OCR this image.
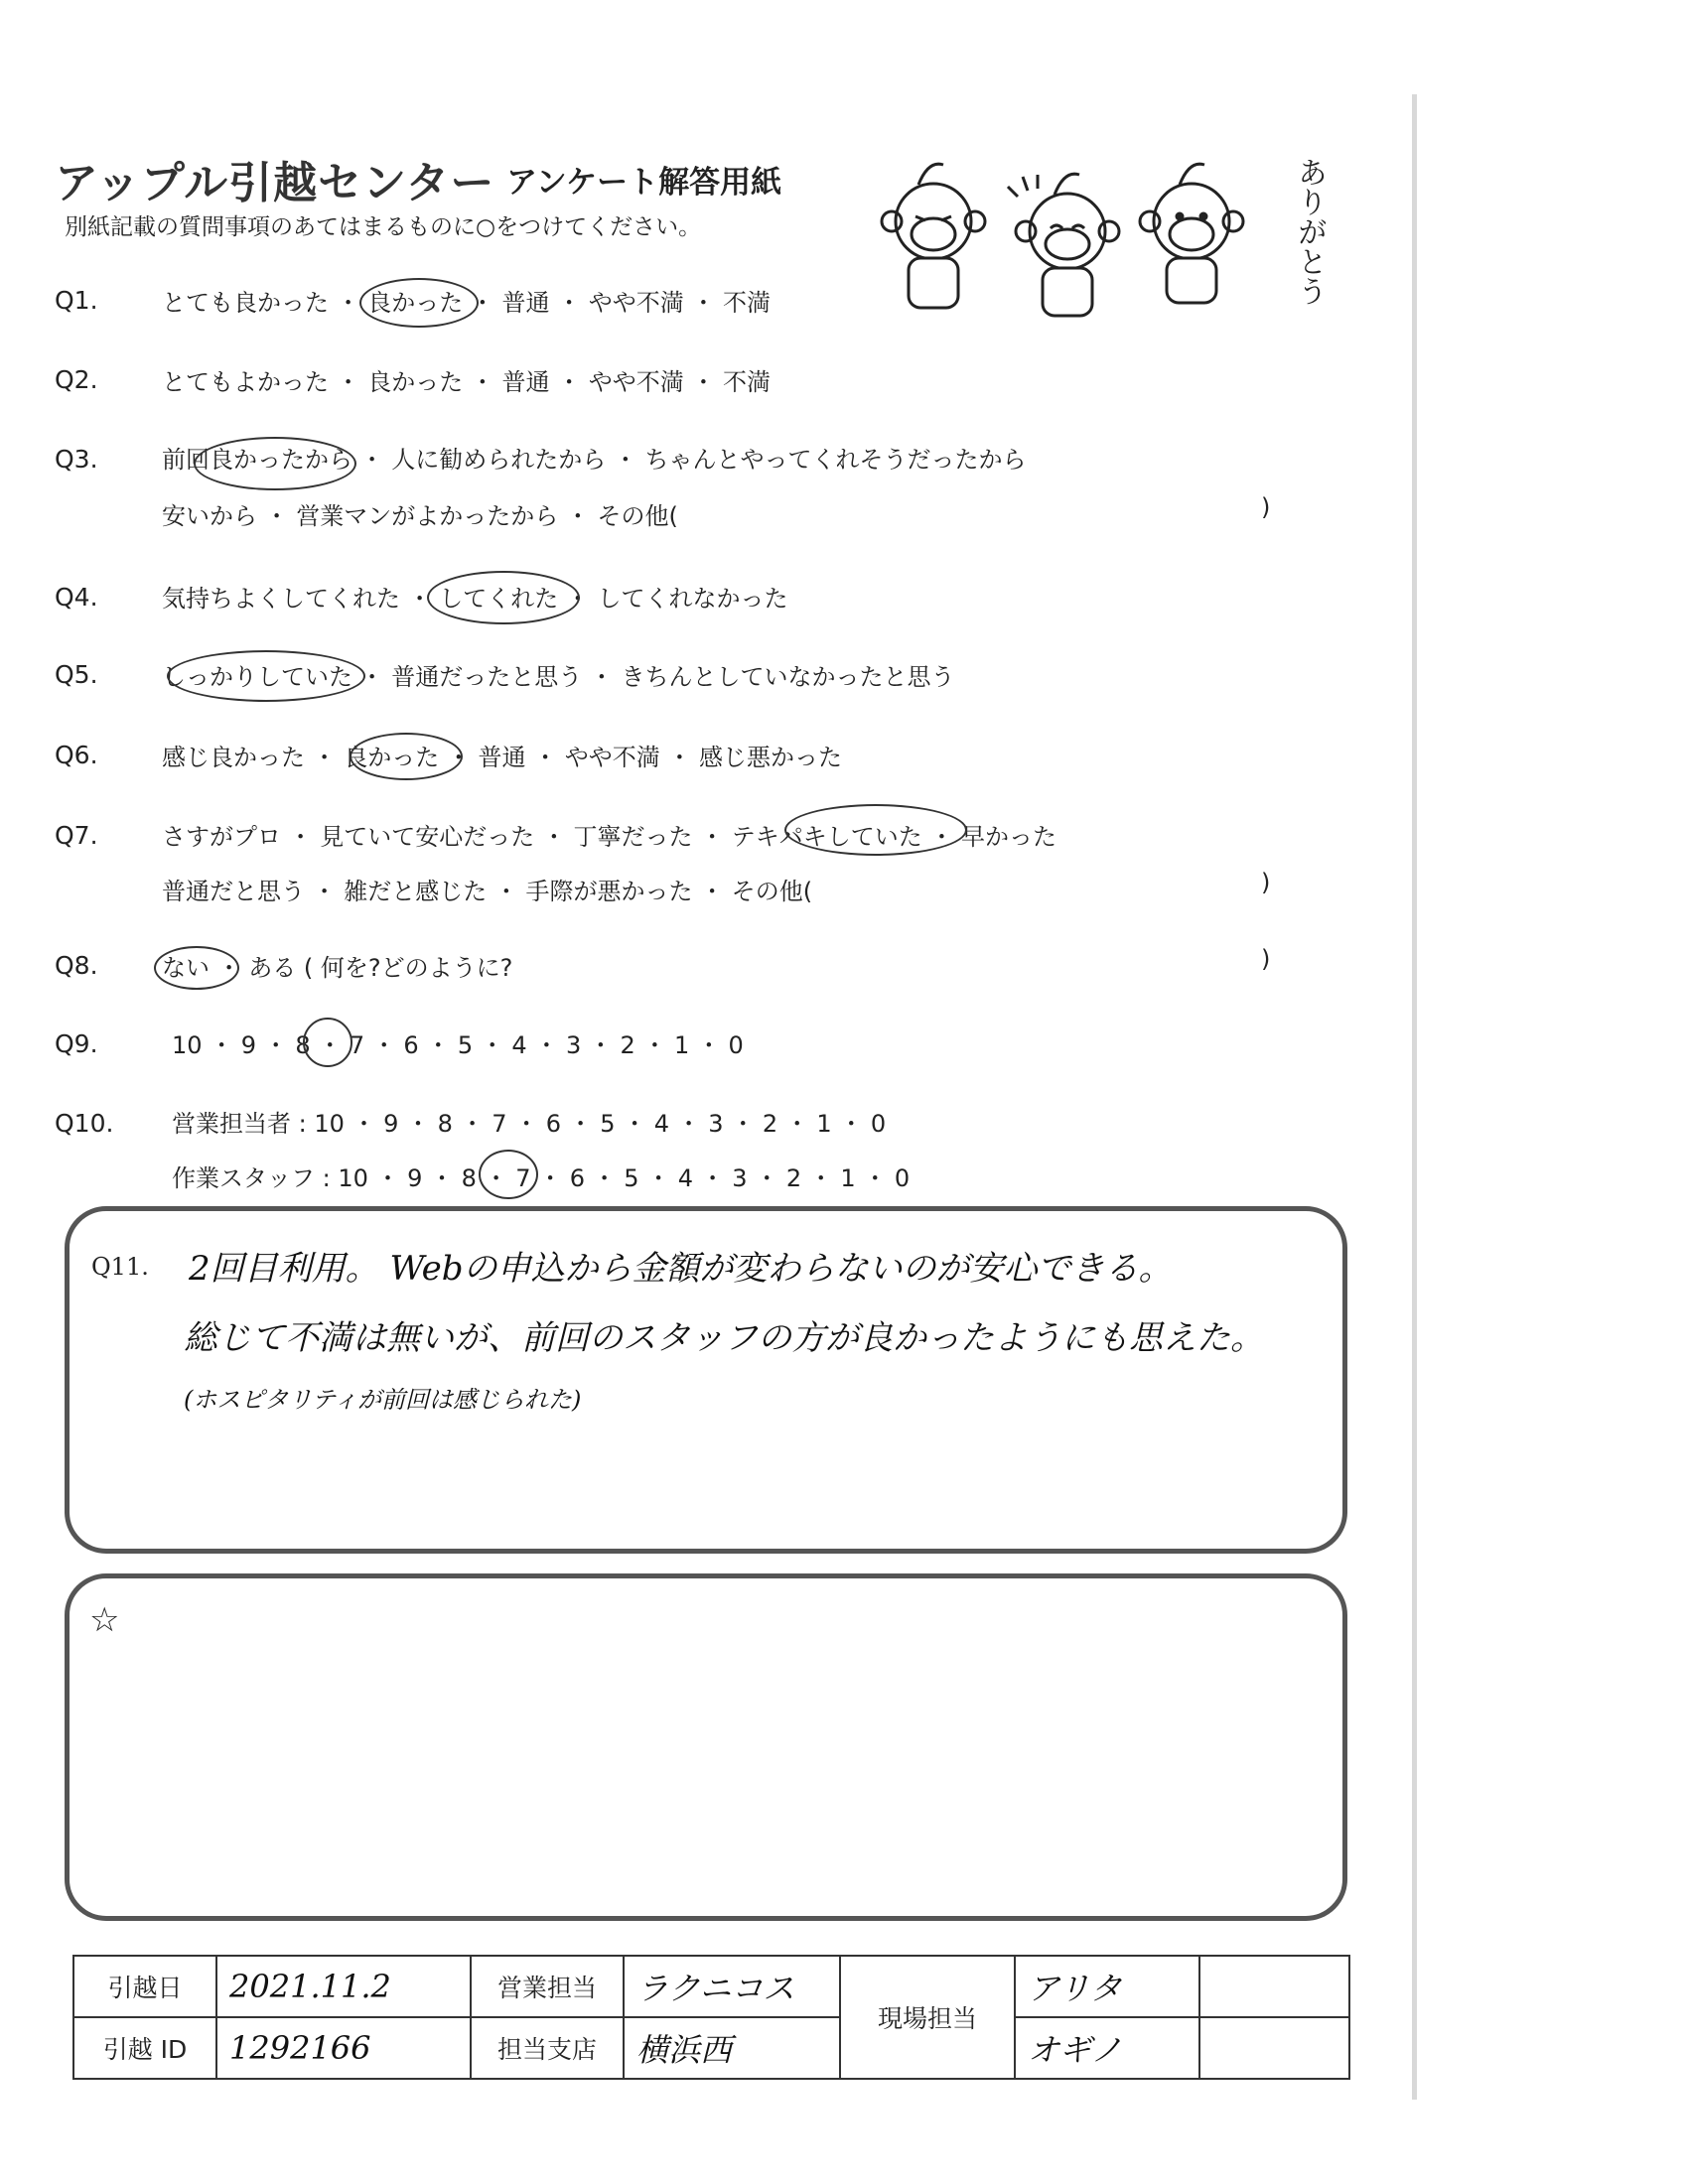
アップル引越センター アンケート解答用紙
別紙記載の質問事項のあてはまるものに○をつけてください。	ありがとう
Q1.	とても良かった ・ 良かった ・ 普通 ・ やや不満 ・ 不満
Q2.	とてもよかった ・ 良かった ・ 普通 ・ やや不満 ・ 不満
Q3.	前回良かったから ・ 人に勧められたから ・ ちゃんとやってくれそうだったから
安いから ・ 営業マンがよかったから ・ その他(	)
Q4.	気持ちよくしてくれた ・ してくれた ・ してくれなかった
Q5.	しっかりしていた ・ 普通だったと思う ・ きちんとしていなかったと思う
Q6.	感じ良かった ・ 良かった ・ 普通 ・ やや不満 ・ 感じ悪かった
Q7.	さすがプロ ・ 見ていて安心だった ・ 丁寧だった ・ テキパキしていた ・ 早かった
普通だと思う ・ 雑だと感じた ・ 手際が悪かった ・ その他(	)
Q8.	ない ・ ある ( 何を?どのように?	)
Q9.	10 ・ 9 ・ 8 ・ 7 ・ 6 ・ 5 ・ 4 ・ 3 ・ 2 ・ 1 ・ 0
Q10. 営業担当者 : 10 ・ 9 ・ 8 ・ 7 ・ 6 ・ 5 ・ 4 ・ 3 ・ 2 ・ 1 ・ 0
作業スタッフ : 10 ・ 9 ・ 8 ・ 7 ・ 6 ・ 5 ・ 4 ・ 3 ・ 2 ・ 1 ・ 0
Q11. 2回目利用。 Webの申込から金額が変わらないのが安心できる。
総じて不満は無いが、前回のスタッフの方が良かったようにも思えた。
(ホスピタリティが前回は感じられた)
☆
引越日	2021.11.2	営業担当	ラクニコス	現場担当	アリタ	
引越 ID	1292166	担当支店	横浜西		オギノ	
